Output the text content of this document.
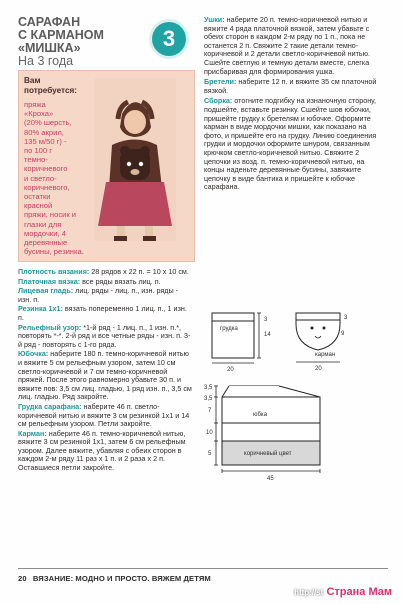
САРАФАН
С КАРМАНОМ
«МИШКА»
На 3 года
3
Вам потребуется:
пряжа
«Кроха»
(20% шерсть,
80% акрил,
135 м/50 г) -
по 100 г
темно-
коричневого
и светло-
коричневого,
остатки
красной
пряжи, носик и глазки для
мордочки, 4 деревянные
бусины, резинка.
Плотность вязания: 28 рядов х 22 п. = 10 х 10 см.
Платочная вязка: все ряды вязать лиц. п.
Лицевая гладь: лиц. ряды - лиц. п., изн. ряды - изн. п.
Резинка 1х1: вязать попеременно 1 лиц. п., 1 изн. п.
Рельефный узор: *1-й ряд - 1 лиц. п., 1 изн. п.*, повторять *-*. 2-й ряд и все четные ряды - изн. п. 3-й ряд - повторять с 1-го ряда.
Юбочка: наберите 180 п. темно-коричневой нитью и вяжите 5 см рельефным узором, затем 10 см светло-коричневой и 7 см темно-коричневой пряжей. После этого равномерно убавьте 30 п. и вяжите пов: 3,5 см лиц. гладью, 1 ряд изн. п., 3,5 см лиц. гладью. Ряд закройте.
Грудка сарафана: наберите 46 п. светло-коричневой нитью и вяжите 3 см резинкой 1х1 и 14 см рельефным узором. Петли закройте.
Карман: наберите 46 п. темно-коричневой нитью, вяжите 3 см резинкой 1х1, затем 6 см рельефным узором. Далее вяжите, убавляя с обеих сторон в каждом 2-м ряду 11 раз х 1 п. и 2 раза х 2 п. Оставшиеся петли закройте.
Ушки: наберите 20 п. темно-коричневой нитью и вяжите 4 ряда платочной вязкой, затем убавьте с обеих сторон в каждом 2-м ряду по 1 п., пока не останется 2 п. Свяжите 2 такие детали темно-коричневой и 2 детали светло-коричневой нитью. Сшейте светлую и темную детали вместе, слегка присбаривая для формирования ушка.
Бретели: наберите 12 п. и вяжите 35 см платочной вязкой.
Сборка: отогните подгибку на изнаночную сторону, подшейте, вставьте резинку. Сшейте шов юбочки, пришейте грудку к бретелям и юбочке. Оформите карман в виде мордочки мишки, как показано на фото, и пришейте его на грудку. Линию соединения грудки и мордочки оформите шнуром, связанным крючком светло-коричневой нитью. Свяжите 2 цепочки из возд. п. темно-коричневой нитью, на концы наденьте деревянные бусины, завяжите цепочку в виде бантика и пришейте к юбочке сарафана.
грудка
14
3
20
9
3
карман
20
юбка
коричневый цвет
3,5
3,5
7
10
5
45
20 ВЯЗАНИЕ: МОДНО И ПРОСТО. ВЯЖЕМ ДЕТЯМ
http://st Страна Мам
